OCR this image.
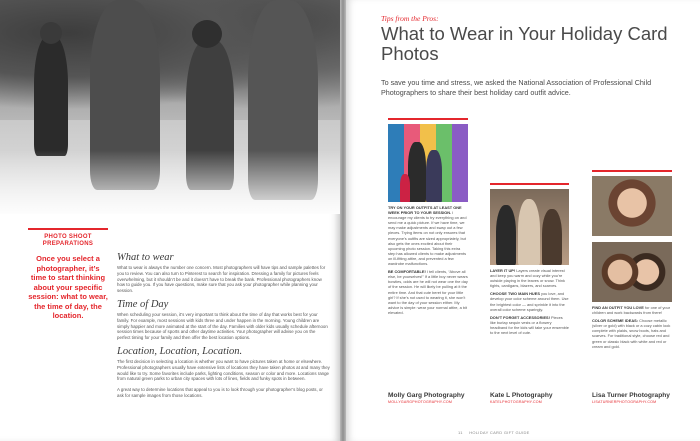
PHOTO SHOOT PREPARATIONS
Once you select a photographer, it’s time to start thinking about your specific session: what to wear, the time of day, the location.
What to wear

What to wear is always the number one concern. Most photographers will have tips and sample palettes for you to review. You can also turn to Pinterest to search for inspiration. Dressing a family for pictures feels overwhelming, but it shouldn’t be and it doesn’t have to break the bank. Professional photographers know how to guide you. If you have questions, make sure that you ask your photographer while planning your session.

Time of Day

When scheduling your session, it’s very important to think about the time of day that works best for your family. For example, most sessions with kids three and under happen in the morning. Young children are simply happier and more animated at the start of the day. Families with older kids usually schedule afternoon session times because of sports and other daytime activities. Your photographer will advise you on the perfect timing for your family and then offer the best location options.

Location, Location, Location.

The first decision in selecting a location is whether you want to have pictures taken at home or elsewhere. Professional photographers usually have extensive lists of locations they have taken photos at and many they would like to try. Some favorites include parks, lighting conditions, season or color and more. Locations range from natural green parks to urban city spaces with lots of lines, fields and funky spots in between.

A great way to determine locations that appeal to you is to look through your photographer’s blog posts, or ask for sample images from those locations.

Tips from the Pros:
What to Wear in Your Holiday Card Photos
To save you time and stress, we asked the National Association of Professional Child Photographers to share their best holiday card outfit advice.
TRY ON YOUR OUTFITS AT LEAST ONE WEEK PRIOR TO YOUR SESSION. I encourage my clients to try everything on and send me a quick picture. If we have time, we may make adjustments and swap out a few pieces. Trying items on not only ensures that everyone’s outfits are sized appropriately, but also gets the ones excited about their upcoming photo session. Taking this extra step has allowed clients to make adjustments on ill-fitting attire, and prevented a few wardrobe malfunctions.
BE COMFORTABLE! I tell clients, “Above all else, be yourselves!” If a little boy never wears bowties, odds are he will not wear one the day of the session. He will likely be pulling at it the entire time. And that cute beret for your little girl? If she’s not used to wearing it, she won’t want to the day of your session either. My advice is simple: wear your normal attire, a bit elevated.
Molly Garg Photography
MOLLYGARGPHOTOGRAPHY.COM
LAYER IT UP! Layers create visual interest and keep you warm and cozy while you’re outside playing in the leaves or snow. Think tights, cardigans, blazers, and scarves.
CHOOSE TWO MAIN HUES you love, and develop your color scheme around them. Use the brightest color — and sprinkle it into the overall color scheme sparingly.
DON’T FORGET ACCESSORIES! Pieces like burlap sequin vests or a flowery headband for the kids will take your ensemble to the next level of cute.
Kate L Photography
KATELPHOTOGRAPHY.COM
FIND AN OUTFIT YOU LOVE for one of your children and work backwards from there!
COLOR SCHEME IDEAS: Choose metallic (silver or gold) with black or a cozy cabin look complete with plaids, snow boots, hats and scarves. For traditional style, choose red and green or classic black with white and red or cream and gold.
Lisa Turner Photography
LISATURNERPHOTOGRAPHY.COM
11 HOLIDAY CARD GIFT GUIDE
